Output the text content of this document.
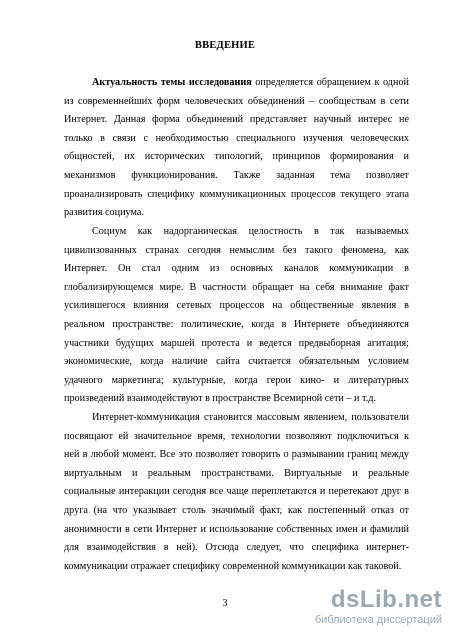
ВВЕДЕНИЕ
Актуальность темы исследования определяется обращением к одной
из современнейших форм человеческих объединений – сообществам в сети
Интернет. Данная форма объединений представляет научный интерес не
только в связи с необходимостью специального изучения человеческих
общностей, их исторических типологий, принципов формирования и
механизмов функционирования. Также заданная тема позволяет
проанализировать специфику коммуникационных процессов текущего этапа
развития социума.
Социум как надорганическая целостность в так называемых
цивилизованных странах сегодня немыслим без такого феномена, как
Интернет. Он стал одним из основных каналов коммуникации в
глобализирующемся мире. В частности обращает на себя внимание факт
усилившегося влияния сетевых процессов на общественные явления в
реальном пространстве: политические, когда в Интернете объединяются
участники будущих маршей протеста и ведется предвыборная агитация;
экономические, когда наличие сайта считается обязательным условием
удачного маркетинга; культурные, когда герои кино- и литературных
произведений взаимодействуют в пространстве Всемирной сети – и т.д.
Интернет-коммуникация становится массовым явлением, пользователи
посвящают ей значительное время, технологии позволяют подключиться к
ней в любой момент. Все это позволяет говорить о размывании границ между
виртуальным и реальным пространствами. Виртуальные и реальные
социальные интеракции сегодня все чаще переплетаются и перетекают друг в
друга (на что указывает столь значимый факт, как постепенный отказ от
анонимности в сети Интернет и использование собственных имен и фамилий
для взаимодействия в ней). Отсюда следует, что специфика интернет-
коммуникации отражает специфику современной коммуникации как таковой.
3	dsLib.net
библиотека диссертаций
